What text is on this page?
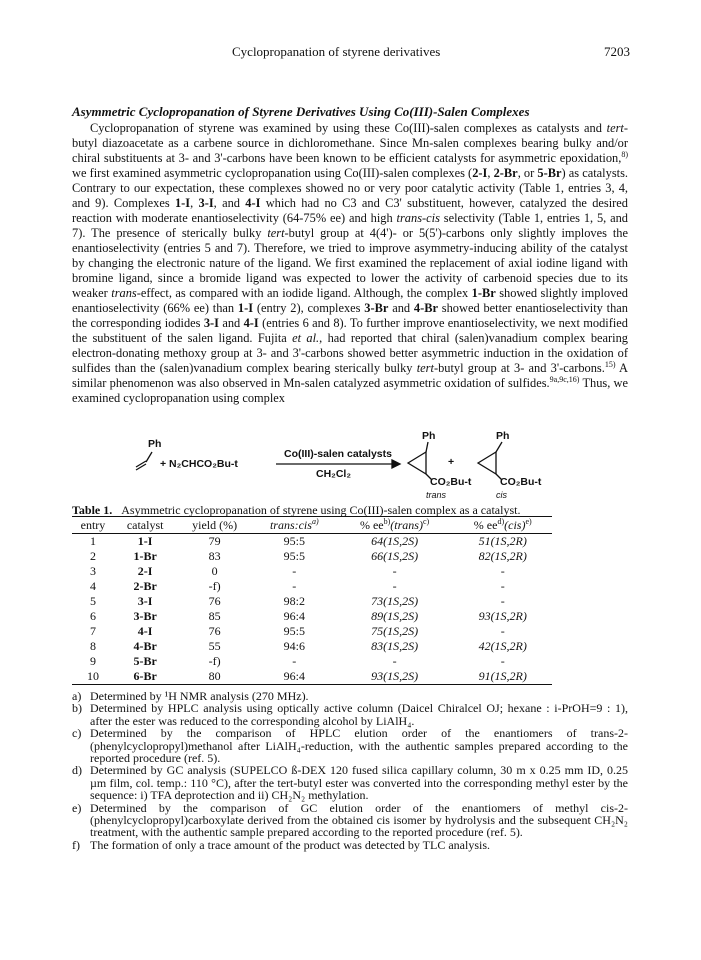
Cyclopropanation of styrene derivatives	7203
Asymmetric Cyclopropanation of Styrene Derivatives Using Co(III)-Salen Complexes

Cyclopropanation of styrene was examined by using these Co(III)-salen complexes as catalysts and tert-butyl diazoacetate as a carbene source in dichloromethane. Since Mn-salen complexes bearing bulky and/or chiral substituents at 3- and 3'-carbons have been known to be efficient catalysts for asymmetric epoxidation,$^{8)}$ we first examined asymmetric cyclopropanation using Co(III)-salen complexes (2-I, 2-Br, or 5-Br) as catalysts. Contrary to our expectation, these complexes showed no or very poor catalytic activity (Table 1, entries 3, 4, and 9). Complexes 1-I, 3-I, and 4-I which had no C3 and C3' substituent, however, catalyzed the desired reaction with moderate enantioselectivity (64-75% ee) and high trans-cis selectivity (Table 1, entries 1, 5, and 7). The presence of sterically bulky tert-butyl group at 4(4')- or 5(5')-carbons only slightly imploves the enantioselectivity (entries 5 and 7). Therefore, we tried to improve asymmetry-inducing ability of the catalyst by changing the electronic nature of the ligand. We first examined the replacement of axial iodine ligand with bromine ligand, since a bromide ligand was expected to lower the activity of carbenoid species due to its weaker trans-effect, as compared with an iodide ligand. Although, the complex 1-Br showed slightly imploved enantioselectivity (66% ee) than 1-I (entry 2), complexes 3-Br and 4-Br showed better enantioselectivity than the corresponding iodides 3-I and 4-I (entries 6 and 8). To further improve enantioselectivity, we next modified the substituent of the salen ligand. Fujita et al., had reported that chiral (salen)vanadium complex bearing electron-donating methoxy group at 3- and 3'-carbons showed better asymmetric induction in the oxidation of sulfides than the (salen)vanadium complex bearing sterically bulky tert-butyl group at 3- and 3'-carbons.$^{15)}$ A similar phenomenon was also observed in Mn-salen catalyzed asymmetric oxidation of sulfides.$^{9a,9c,16)}$ Thus, we examined cyclopropanation using complex

Ph
+ N₂CHCO₂Bu-t
Co(III)-salen catalysts
CH₂Cl₂
Ph
+
Ph
CO₂Bu-t	CO₂Bu-t
trans	cis
Table 1. Asymmetric cyclopropanation of styrene using Co(III)-salen complex as a catalyst.
entry	catalyst	yield (%)	trans:cis$^{a)}$	% $ee^{b)}(trans)^{c)}$	% $ee^{d)}(cis)^{e)}$
1	1-I	79	95:5	64(1S,2S)	51(1S,2R)
2	1-Br	83	95:5	66(1S,2S)	82(1S,2R)
3	2-I	0	-	-	-
4	2-Br	-f)	-	-	-
5	3-I	76	98:2	73(1S,2S)	-
6	3-Br	85	96:4	89(1S,2S)	93(1S,2R)
7	4-I	76	95:5	75(1S,2S)	-
8	4-Br	55	94:6	83(1S,2S)	42(1S,2R)
9	5-Br	-f)	-	-	-
10	6-Br	80	96:4	93(1S,2S)	91(1S,2R)
a) Determined by ¹H NMR analysis (270 MHz).
b) Determined by HPLC analysis using optically active column (Daicel Chiralcel OJ; hexane : i-PrOH=9 : 1), after the ester was reduced to the corresponding alcohol by LiAlH₄.
c) Determined by the comparison of HPLC elution order of the enantiomers of trans-2-(phenylcyclopropyl)methanol after LiAlH₄-reduction, with the authentic samples prepared according to the reported procedure (ref. 5).
d) Determined by GC analysis (SUPELCO ß-DEX 120 fused silica capillary column, 30 m x 0.25 mm ID, 0.25 µm film, col. temp.: 110 °C), after the tert-butyl ester was converted into the corresponding methyl ester by the sequence: i) TFA deprotection and ii) CH₂N₂ methylation.
e) Determined by the comparison of GC elution order of the enantiomers of methyl cis-2-(phenylcyclopropyl)carboxylate derived from the obtained cis isomer by hydrolysis and the subsequent CH₂N₂ treatment, with the authentic sample prepared according to the reported procedure (ref. 5).
f) The formation of only a trace amount of the product was detected by TLC analysis.
